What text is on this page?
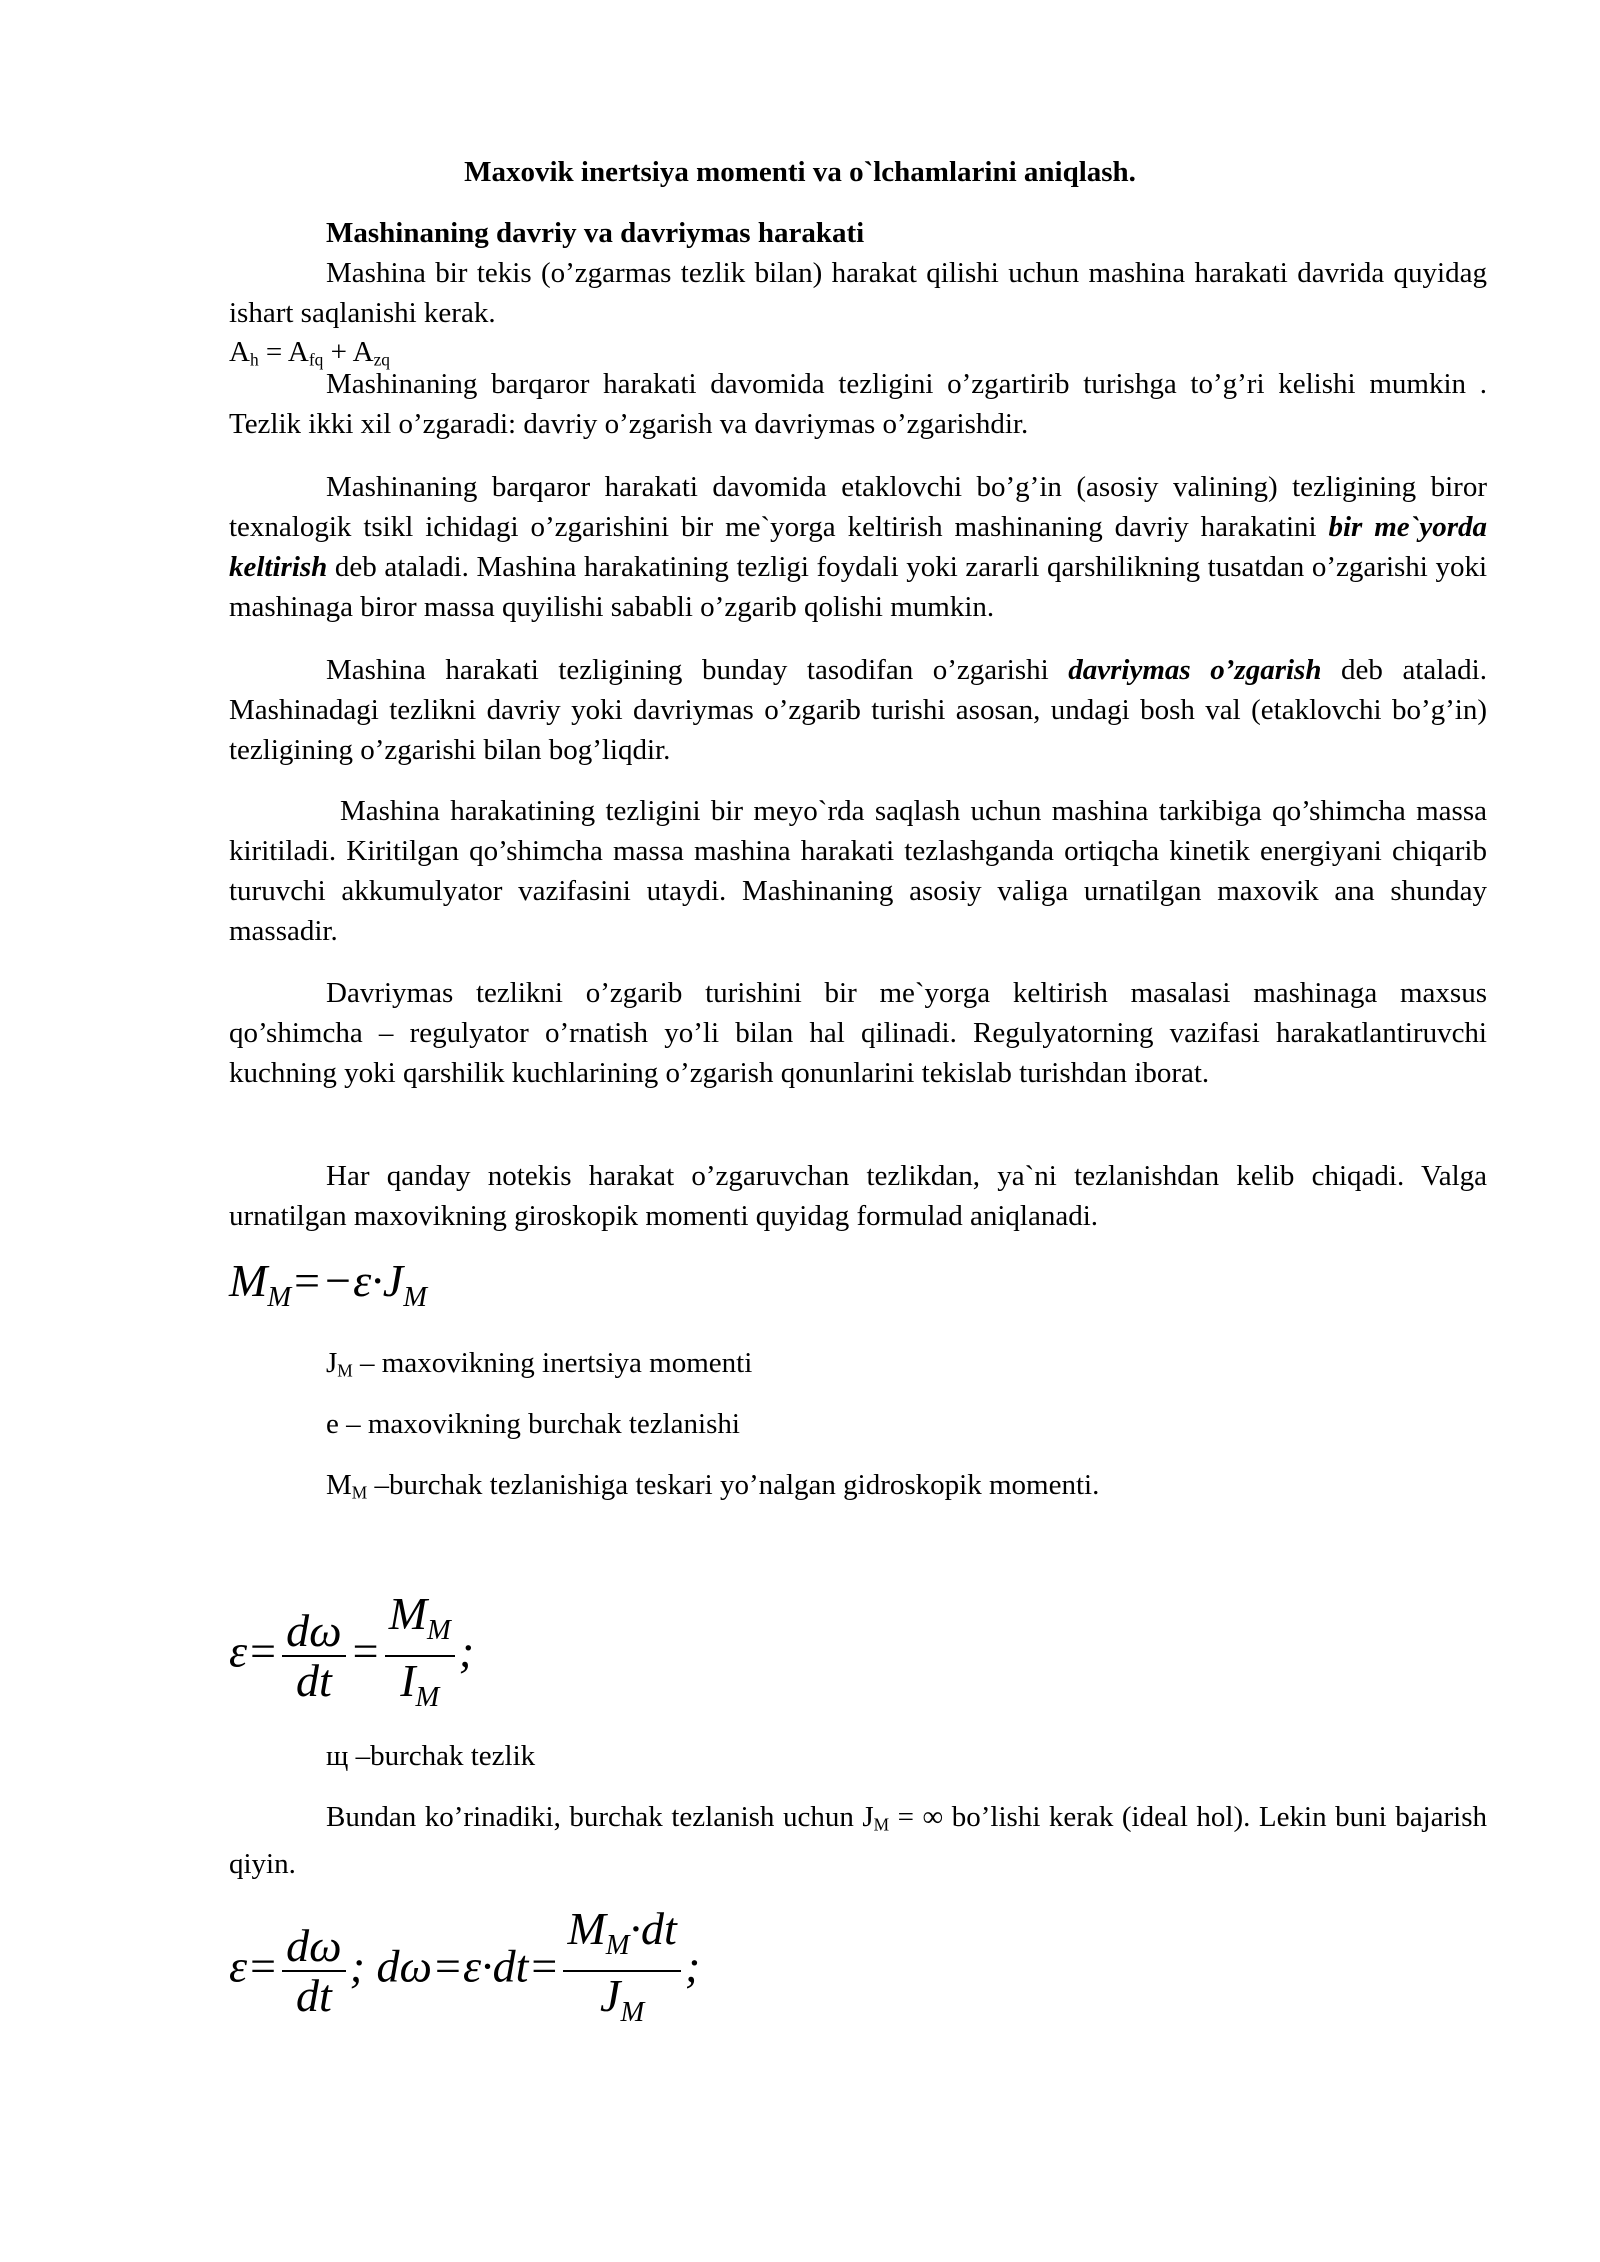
Maxovik inertsiya momenti va o`lchamlarini aniqlash.

Mashinaning davriy va davriymas harakati

Mashina bir tekis (o’zgarmas tezlik bilan) harakat qilishi uchun mashina harakati davrida quyidag ishart saqlanishi kerak.

Ah = Afq + Azq

Mashinaning barqaror harakati davomida tezligini o’zgartirib turishga to’g’ri kelishi mumkin . Tezlik ikki xil o’zgaradi: davriy o’zgarish va davriymas o’zgarishdir.

Mashinaning barqaror harakati davomida etaklovchi bo’g’in (asosiy valining) tezligining biror texnalogik tsikl ichidagi o’zgarishini bir me`yorga keltirish mashinaning davriy harakatini bir me`yorda keltirish deb ataladi. Mashina harakatining tezligi foydali yoki zararli qarshilikning tusatdan o’zgarishi yoki mashinaga biror massa quyilishi sababli o’zgarib qolishi mumkin.

Mashina harakati tezligining bunday tasodifan o’zgarishi davriymas o’zgarish deb ataladi. Mashinadagi tezlikni davriy yoki davriymas o’zgarib turishi asosan, undagi bosh val (etaklovchi bo’g’in) tezligining o’zgarishi bilan bog’liqdir.

Mashina harakatining tezligini bir meyo`rda saqlash uchun mashina tarkibiga qo’shimcha massa kiritiladi. Kiritilgan qo’shimcha massa mashina harakati tezlashganda ortiqcha kinetik energiyani chiqarib turuvchi akkumulyator vazifasini utaydi. Mashinaning asosiy valiga urnatilgan maxovik ana shunday massadir.

Davriymas tezlikni o’zgarib turishini bir me`yorga keltirish masalasi mashinaga maxsus qo’shimcha – regulyator o’rnatish yo’li bilan hal qilinadi. Regulyatorning vazifasi harakatlantiruvchi kuchning yoki qarshilik kuchlarining o’zgarish qonunlarini tekislab turishdan iborat.

Har qanday notekis harakat o’zgaruvchan tezlikdan, ya`ni tezlanishdan kelib chiqadi. Valga urnatilgan maxovikning giroskopik momenti quyidag formulad aniqlanadi.

$M_M=-\varepsilon\cdot J_M$

JM – maxovikning inertsiya momenti

e – maxovikning burchak tezlanishi

MM –burchak tezlanishiga teskari yo’nalgan gidroskopik momenti.

$\varepsilon= \frac{d\omega}{dt} = \frac{M_M}{I_M}$ ;

щ –burchak tezlik

Bundan ko’rinadiki, burchak tezlanish uchun JM = ∞ bo’lishi kerak (ideal hol). Lekin buni bajarish qiyin.

$\varepsilon= \frac{d\omega}{dt}$ ; $d\omega=\varepsilon\cdot dt= \frac{M_M\cdot dt}{J_M}$ ;
